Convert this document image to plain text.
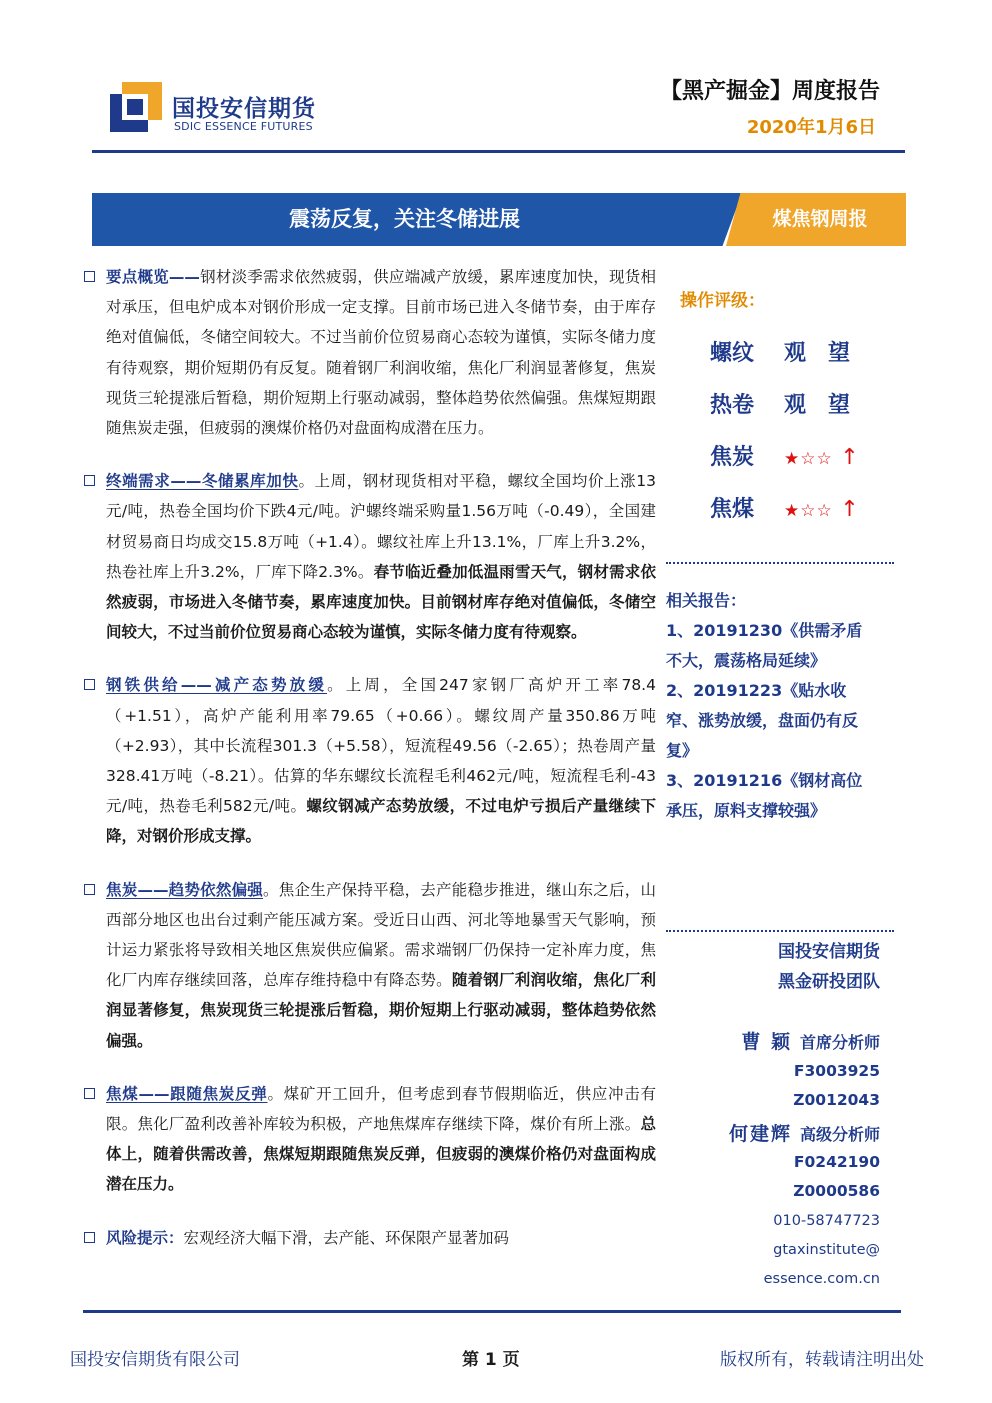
国投安信期货
SDIC ESSENCE FUTURES
【黑产掘金】周度报告
2020年1月6日
震荡反复，关注冬储进展	煤焦钢周报
要点概览——钢材淡季需求依然疲弱，供应端减产放缓，累库速度加快，现货相对承压，但电炉成本对钢价形成一定支撑。目前市场已进入冬储节奏，由于库存绝对值偏低，冬储空间较大。不过当前价位贸易商心态较为谨慎，实际冬储力度有待观察，期价短期仍有反复。随着钢厂利润收缩，焦化厂利润显著修复，焦炭现货三轮提涨后暂稳，期价短期上行驱动减弱，整体趋势依然偏强。焦煤短期跟随焦炭走强，但疲弱的澳煤价格仍对盘面构成潜在压力。
终端需求——冬储累库加快。上周，钢材现货相对平稳，螺纹全国均价上涨13元/吨，热卷全国均价下跌4元/吨。沪螺终端采购量1.56万吨（-0.49），全国建材贸易商日均成交15.8万吨（+1.4）。螺纹社库上升13.1%，厂库上升3.2%，热卷社库上升3.2%，厂库下降2.3%。春节临近叠加低温雨雪天气，钢材需求依然疲弱，市场进入冬储节奏，累库速度加快。目前钢材库存绝对值偏低，冬储空间较大，不过当前价位贸易商心态较为谨慎，实际冬储力度有待观察。
钢铁供给——减产态势放缓。上周，全国247家钢厂高炉开工率78.4（+1.51），高炉产能利用率79.65（+0.66）。螺纹周产量350.86万吨（+2.93），其中长流程301.3（+5.58），短流程49.56（-2.65）；热卷周产量328.41万吨（-8.21）。估算的华东螺纹长流程毛利462元/吨，短流程毛利-43元/吨，热卷毛利582元/吨。螺纹钢减产态势放缓，不过电炉亏损后产量继续下降，对钢价形成支撑。
焦炭——趋势依然偏强。焦企生产保持平稳，去产能稳步推进，继山东之后，山西部分地区也出台过剩产能压减方案。受近日山西、河北等地暴雪天气影响，预计运力紧张将导致相关地区焦炭供应偏紧。需求端钢厂仍保持一定补库力度，焦化厂内库存继续回落，总库存维持稳中有降态势。随着钢厂利润收缩，焦化厂利润显著修复，焦炭现货三轮提涨后暂稳，期价短期上行驱动减弱，整体趋势依然偏强。
焦煤——跟随焦炭反弹。煤矿开工回升，但考虑到春节假期临近，供应冲击有限。焦化厂盈利改善补库较为积极，产地焦煤库存继续下降，煤价有所上涨。总体上，随着供需改善，焦煤短期跟随焦炭反弹，但疲弱的澳煤价格仍对盘面构成潜在压力。
风险提示：宏观经济大幅下滑，去产能、环保限产显著加码
操作评级：
螺纹 观望
热卷 观望
焦炭 ★☆☆ ↑
焦煤 ★☆☆ ↑
相关报告：
1、20191230《供需矛盾不大，震荡格局延续》
2、20191223《贴水收窄、涨势放缓，盘面仍有反复》
3、20191216《钢材高位承压，原料支撑较强》
国投安信期货
黑金研投团队
曹 颖 首席分析师
F3003925
Z0012043
何建辉 高级分析师
F0242190
Z0000586
010-58747723
gtaxinstitute@
essence.com.cn
国投安信期货有限公司	第 1 页	版权所有，转载请注明出处
